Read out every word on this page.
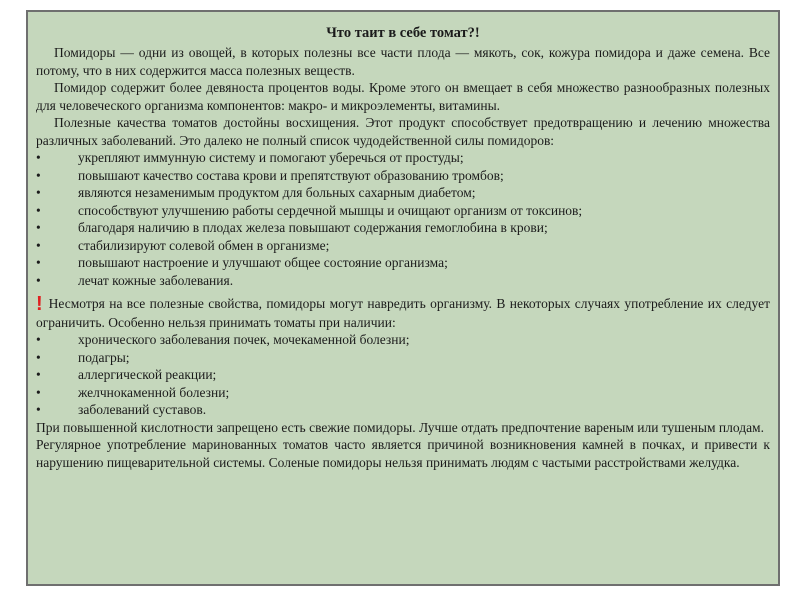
Что таит в себе томат?!

Помидоры — одни из овощей, в которых полезны все части плода — мякоть, сок, кожура помидора и даже семена. Все потому, что в них содержится масса полезных веществ.

Помидор содержит более девяноста процентов воды. Кроме этого он вмещает в себя множество разнообразных полезных для человеческого организма компонентов: макро- и микроэлементы, витамины.

Полезные качества томатов достойны восхищения. Этот продукт способствует предотвращению и лечению множества различных заболеваний. Это далеко не полный список чудодейственной силы помидоров:

•	укрепляют иммунную систему и помогают уберечься от простуды;
•	повышают качество состава крови и препятствуют образованию тромбов;
•	являются незаменимым продуктом для больных сахарным диабетом;
•	способствуют улучшению работы сердечной мышцы и очищают организм от токсинов;
•	благодаря наличию в плодах железа повышают содержания гемоглобина в крови;
•	стабилизируют солевой обмен в организме;
•	повышают настроение и улучшают общее состояние организма;
•	лечат кожные заболевания.

! Несмотря на все полезные свойства, помидоры могут навредить организму. В некоторых случаях употребление их следует ограничить. Особенно нельзя принимать томаты при наличии:

•	хронического заболевания почек, мочекаменной болезни;
•	подагры;
•	аллергической реакции;
•	желчнокаменной болезни;
•	заболеваний суставов.

При повышенной кислотности запрещено есть свежие помидоры. Лучше отдать предпочтение вареным или тушеным плодам.

Регулярное употребление маринованных томатов часто является причиной возникновения камней в почках, и привести к нарушению пищеварительной системы. Соленые помидоры нельзя принимать людям с частыми расстройствами желудка.
